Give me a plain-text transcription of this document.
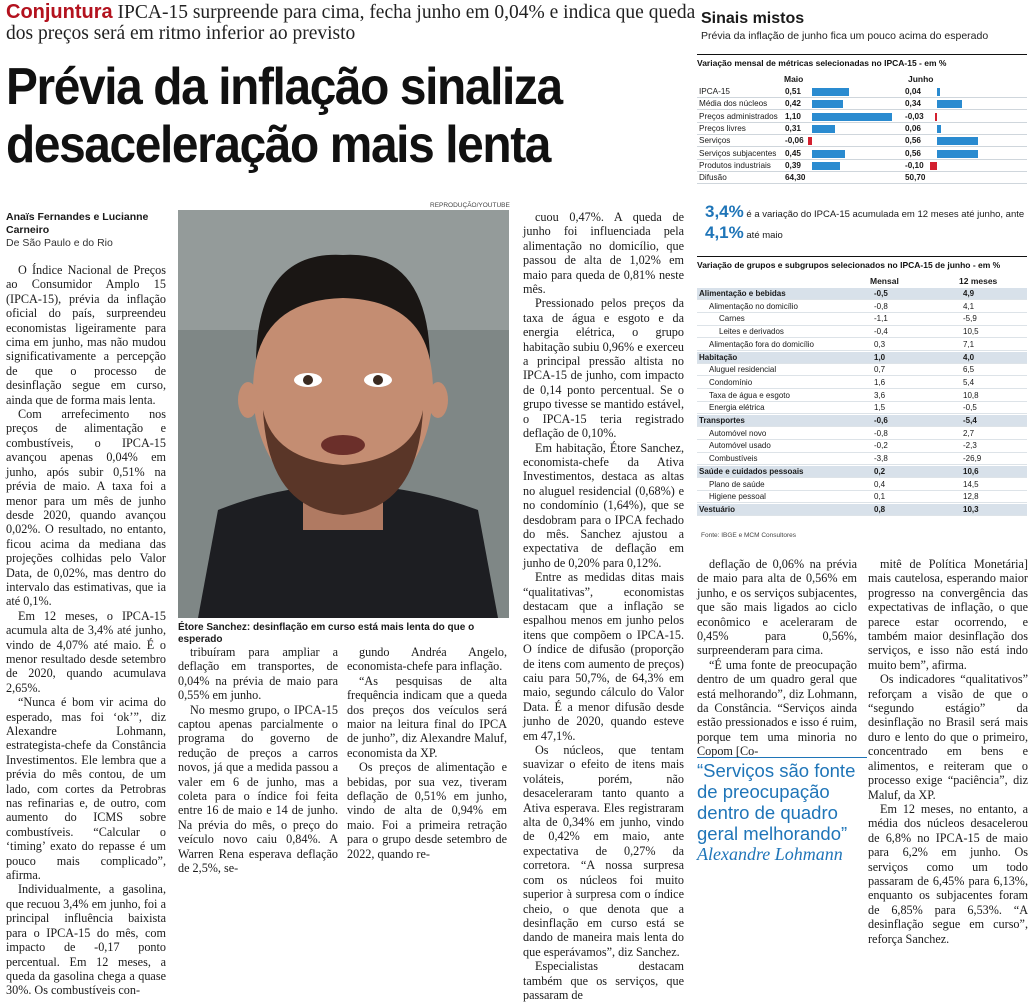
Conjuntura IPCA-15 surpreende para cima, fecha junho em 0,04% e indica que queda dos preços será em ritmo inferior ao previsto
Prévia da inflação sinaliza
desaceleração mais lenta
Anaïs Fernandes e Lucianne Carneiro
De São Paulo e do Rio

O Índice Nacional de Preços ao Consumidor Amplo 15 (IPCA-15), prévia da inflação oficial do país, surpreendeu economistas ligeiramente para cima em junho, mas não mudou significativamente a percepção de que o processo de desinflação segue em curso, ainda que de forma mais lenta.

Com arrefecimento nos preços de alimentação e combustíveis, o IPCA-15 avançou apenas 0,04% em junho, após subir 0,51% na prévia de maio. A taxa foi a menor para um mês de junho desde 2020, quando avançou 0,02%. O resultado, no entanto, ficou acima da mediana das projeções colhidas pelo Valor Data, de 0,02%, mas dentro do intervalo das estimativas, que ia até 0,1%.

Em 12 meses, o IPCA-15 acumula alta de 3,4% até junho, vindo de 4,07% até maio. É o menor resultado desde setembro de 2020, quando acumulava 2,65%.

“Nunca é bom vir acima do esperado, mas foi ‘ok’”, diz Alexandre Lohmann, estrategista-chefe da Constância Investimentos. Ele lembra que a prévia do mês contou, de um lado, com cortes da Petrobras nas refinarias e, de outro, com aumento do ICMS sobre combustíveis. “Calcular o ‘timing’ exato do repasse é um pouco mais complicado”, afirma.

Individualmente, a gasolina, que recuou 3,4% em junho, foi a principal influência baixista para o IPCA-15 do mês, com impacto de -0,17 ponto percentual. Em 12 meses, a queda da gasolina chega a quase 30%. Os combustíveis con-

tribuíram para ampliar a deflação em transportes, de 0,04% na prévia de maio para 0,55% em junho.

No mesmo grupo, o IPCA-15 captou apenas parcialmente o programa do governo de redução de preços a carros novos, já que a medida passou a valer em 6 de junho, mas a coleta para o índice foi feita entre 16 de maio e 14 de junho. Na prévia do mês, o preço do veículo novo caiu 0,84%. A Warren Rena esperava deflação de 2,5%, se-

gundo Andréa Angelo, economista-chefe para inflação.

“As pesquisas de alta frequência indicam que a queda dos preços dos veículos será maior na leitura final do IPCA de junho”, diz Alexandre Maluf, economista da XP.

Os preços de alimentação e bebidas, por sua vez, tiveram deflação de 0,51% em junho, vindo de alta de 0,94% em maio. Foi a primeira retração para o grupo desde setembro de 2022, quando re-

cuou 0,47%. A queda de junho foi influenciada pela alimentação no domicílio, que passou de alta de 1,02% em maio para queda de 0,81% neste mês.

Pressionado pelos preços da taxa de água e esgoto e da energia elétrica, o grupo habitação subiu 0,96% e exerceu a principal pressão altista no IPCA-15 de junho, com impacto de 0,14 ponto percentual. Se o grupo tivesse se mantido estável, o IPCA-15 teria registrado deflação de 0,10%.

Em habitação, Étore Sanchez, economista-chefe da Ativa Investimentos, destaca as altas no aluguel residencial (0,68%) e no condomínio (1,64%), que se desdobram para o IPCA fechado do mês. Sanchez ajustou a expectativa de deflação em junho de 0,20% para 0,12%.

Entre as medidas ditas mais “qualitativas”, economistas destacam que a inflação se espalhou menos em junho pelos itens que compõem o IPCA-15. O índice de difusão (proporção de itens com aumento de preços) caiu para 50,7%, de 64,3% em maio, segundo cálculo do Valor Data. É a menor difusão desde junho de 2020, quando esteve em 47,1%.

Os núcleos, que tentam suavizar o efeito de itens mais voláteis, porém, não desaceleraram tanto quanto a Ativa esperava. Eles registraram alta de 0,34% em junho, vindo de 0,42% em maio, ante expectativa de 0,27% da corretora. “A nossa surpresa com os núcleos foi muito superior à surpresa com o índice cheio, o que denota que a desinflação em curso está se dando de maneira mais lenta do que esperávamos”, diz Sanchez.

Especialistas destacam também que os serviços, que passaram de

deflação de 0,06% na prévia de maio para alta de 0,56% em junho, e os serviços subjacentes, que são mais ligados ao ciclo econômico e aceleraram de 0,45% para 0,56%, surpreenderam para cima.

“É uma fonte de preocupação dentro de um quadro geral que está melhorando”, diz Lohmann, da Constância. “Serviços ainda estão pressionados e isso é ruim, porque tem uma minoria no Copom [Co-

mitê de Política Monetária] mais cautelosa, esperando maior progresso na convergência das expectativas de inflação, o que parece estar ocorrendo, e também maior desinflação dos serviços, e isso não está indo muito bem”, afirma.

Os indicadores “qualitativos” reforçam a visão de que o “segundo estágio” da desinflação no Brasil será mais duro e lento do que o primeiro, concentrado em bens e alimentos, e reiteram que o processo exige “paciência”, diz Maluf, da XP.

Em 12 meses, no entanto, a média dos núcleos desacelerou de 6,8% no IPCA-15 de maio para 6,2% em junho. Os serviços como um todo passaram de 6,45% para 6,13%, enquanto os subjacentes foram de 6,85% para 6,53%. “A desinflação segue em curso”, reforça Sanchez.

REPRODUÇÃO/YOUTUBE
Étore Sanchez: desinflação em curso está mais lenta do que o esperado
Sinais mistos
Prévia da inflação de junho fica um pouco acima do esperado
Variação mensal de métricas selecionadas no IPCA-15 - em %
Maio	Junho
IPCA-15	0,51	0,04
Média dos núcleos 0,42	0,34
Preços administrados 1,10	-0,03
Preços livres	0,31	0,06
Serviços	-0,06	0,56
Serviços subjacentes 0,45	0,56
Produtos industriais 0,39	-0,10
Difusão	64,30	50,70
3,4% é a variação do IPCA-15 acumulada em 12 meses até junho, ante
4,1% até maio
Variação de grupos e subgrupos selecionados no IPCA-15 de junho - em %
Mensal	12 meses
Alimentação e bebidas	-0,5	4,9
Alimentação no domicílio	-0,8	4,1
Carnes	-1,1	-5,9
Leites e derivados	-0,4	10,5
Alimentação fora do domicílio	0,3	7,1
Habitação	1,0	4,0
Aluguel residencial	0,7	6,5
Condomínio	1,6	5,4
Taxa de água e esgoto	3,6	10,8
Energia elétrica	1,5	-0,5
Transportes	-0,6	-5,4
Automóvel novo	-0,8	2,7
Automóvel usado	-0,2	-2,3
Combustíveis	-3,8	-26,9
Saúde e cuidados pessoais	0,2	10,6
Plano de saúde	0,4	14,5
Higiene pessoal	0,1	12,8
Vestuário	0,8	10,3
Fonte: IBGE e MCM Consultores
“Serviços são fonte de preocupação dentro de quadro geral melhorando”
Alexandre Lohmann
